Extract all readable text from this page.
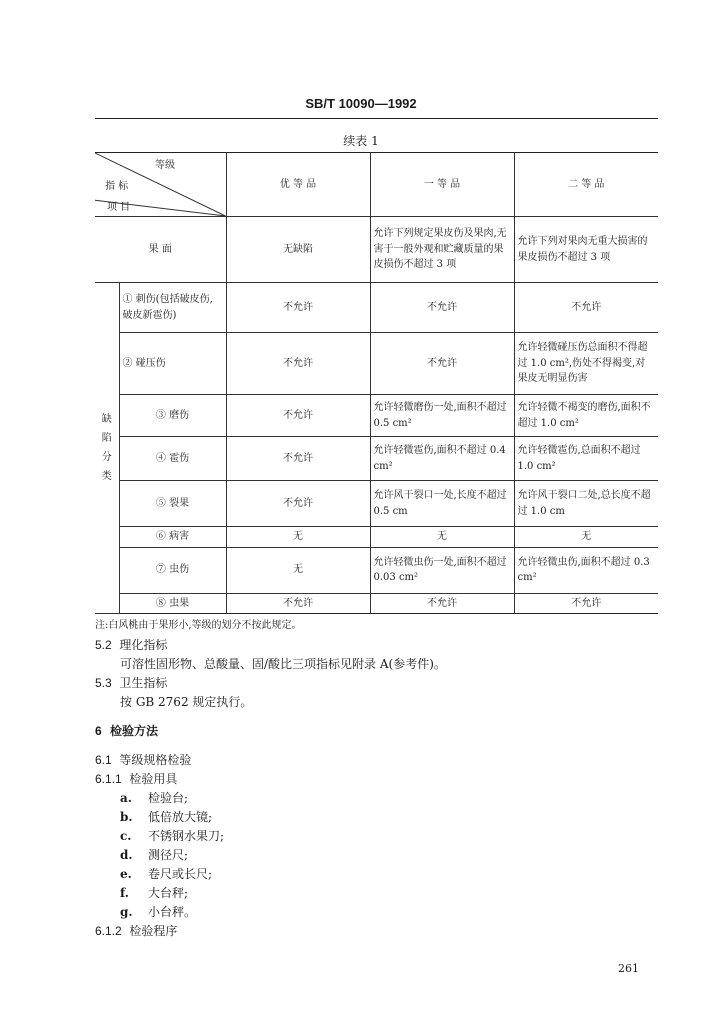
SB/T 10090—1992
续表 1
等级
指 标
项 目		优 等 品	一 等 品	二 等 品
果 面		无缺陷	允许下列规定果皮伤及果肉,无害于一般外观和贮藏质量的果皮损伤不超过 3 项	允许下列对果肉无重大损害的果皮损伤不超过 3 项
缺
陷
分
类	① 刺伤(包括破皮伤,破皮新雹伤)	不允许	不允许	不允许
	② 碰压伤	不允许	不允许	允许轻微碰压伤总面积不得超过 1.0 cm²,伤处不得褐变,对果皮无明显伤害
	③ 磨伤	不允许	允许轻微磨伤一处,面积不超过 0.5 cm²	允许轻微不褐变的磨伤,面积不超过 1.0 cm²
	④ 雹伤	不允许	允许轻微雹伤,面积不超过 0.4 cm²	允许轻微雹伤,总面积不超过 1.0 cm²
	⑤ 裂果	不允许	允许风干裂口一处,长度不超过 0.5 cm	允许风干裂口二处,总长度不超过 1.0 cm
	⑥ 病害	无	无	无
	⑦ 虫伤	无	允许轻微虫伤一处,面积不超过 0.03 cm²	允许轻微虫伤,面积不超过 0.3 cm²
	⑧ 虫果	不允许	不允许	不允许
注:白风桃由于果形小,等级的划分不按此规定。
5.2 理化指标
可溶性固形物、总酸量、固/酸比三项指标见附录 A(参考件)。
5.3 卫生指标
按 GB 2762 规定执行。
6 检验方法
6.1 等级规格检验
6.1.1 检验用具
a. 检验台;
b. 低倍放大镜;
c. 不锈钢水果刀;
d. 测径尺;
e. 卷尺或长尺;
f. 大台秤;
g. 小台秤。
6.1.2 检验程序
261
